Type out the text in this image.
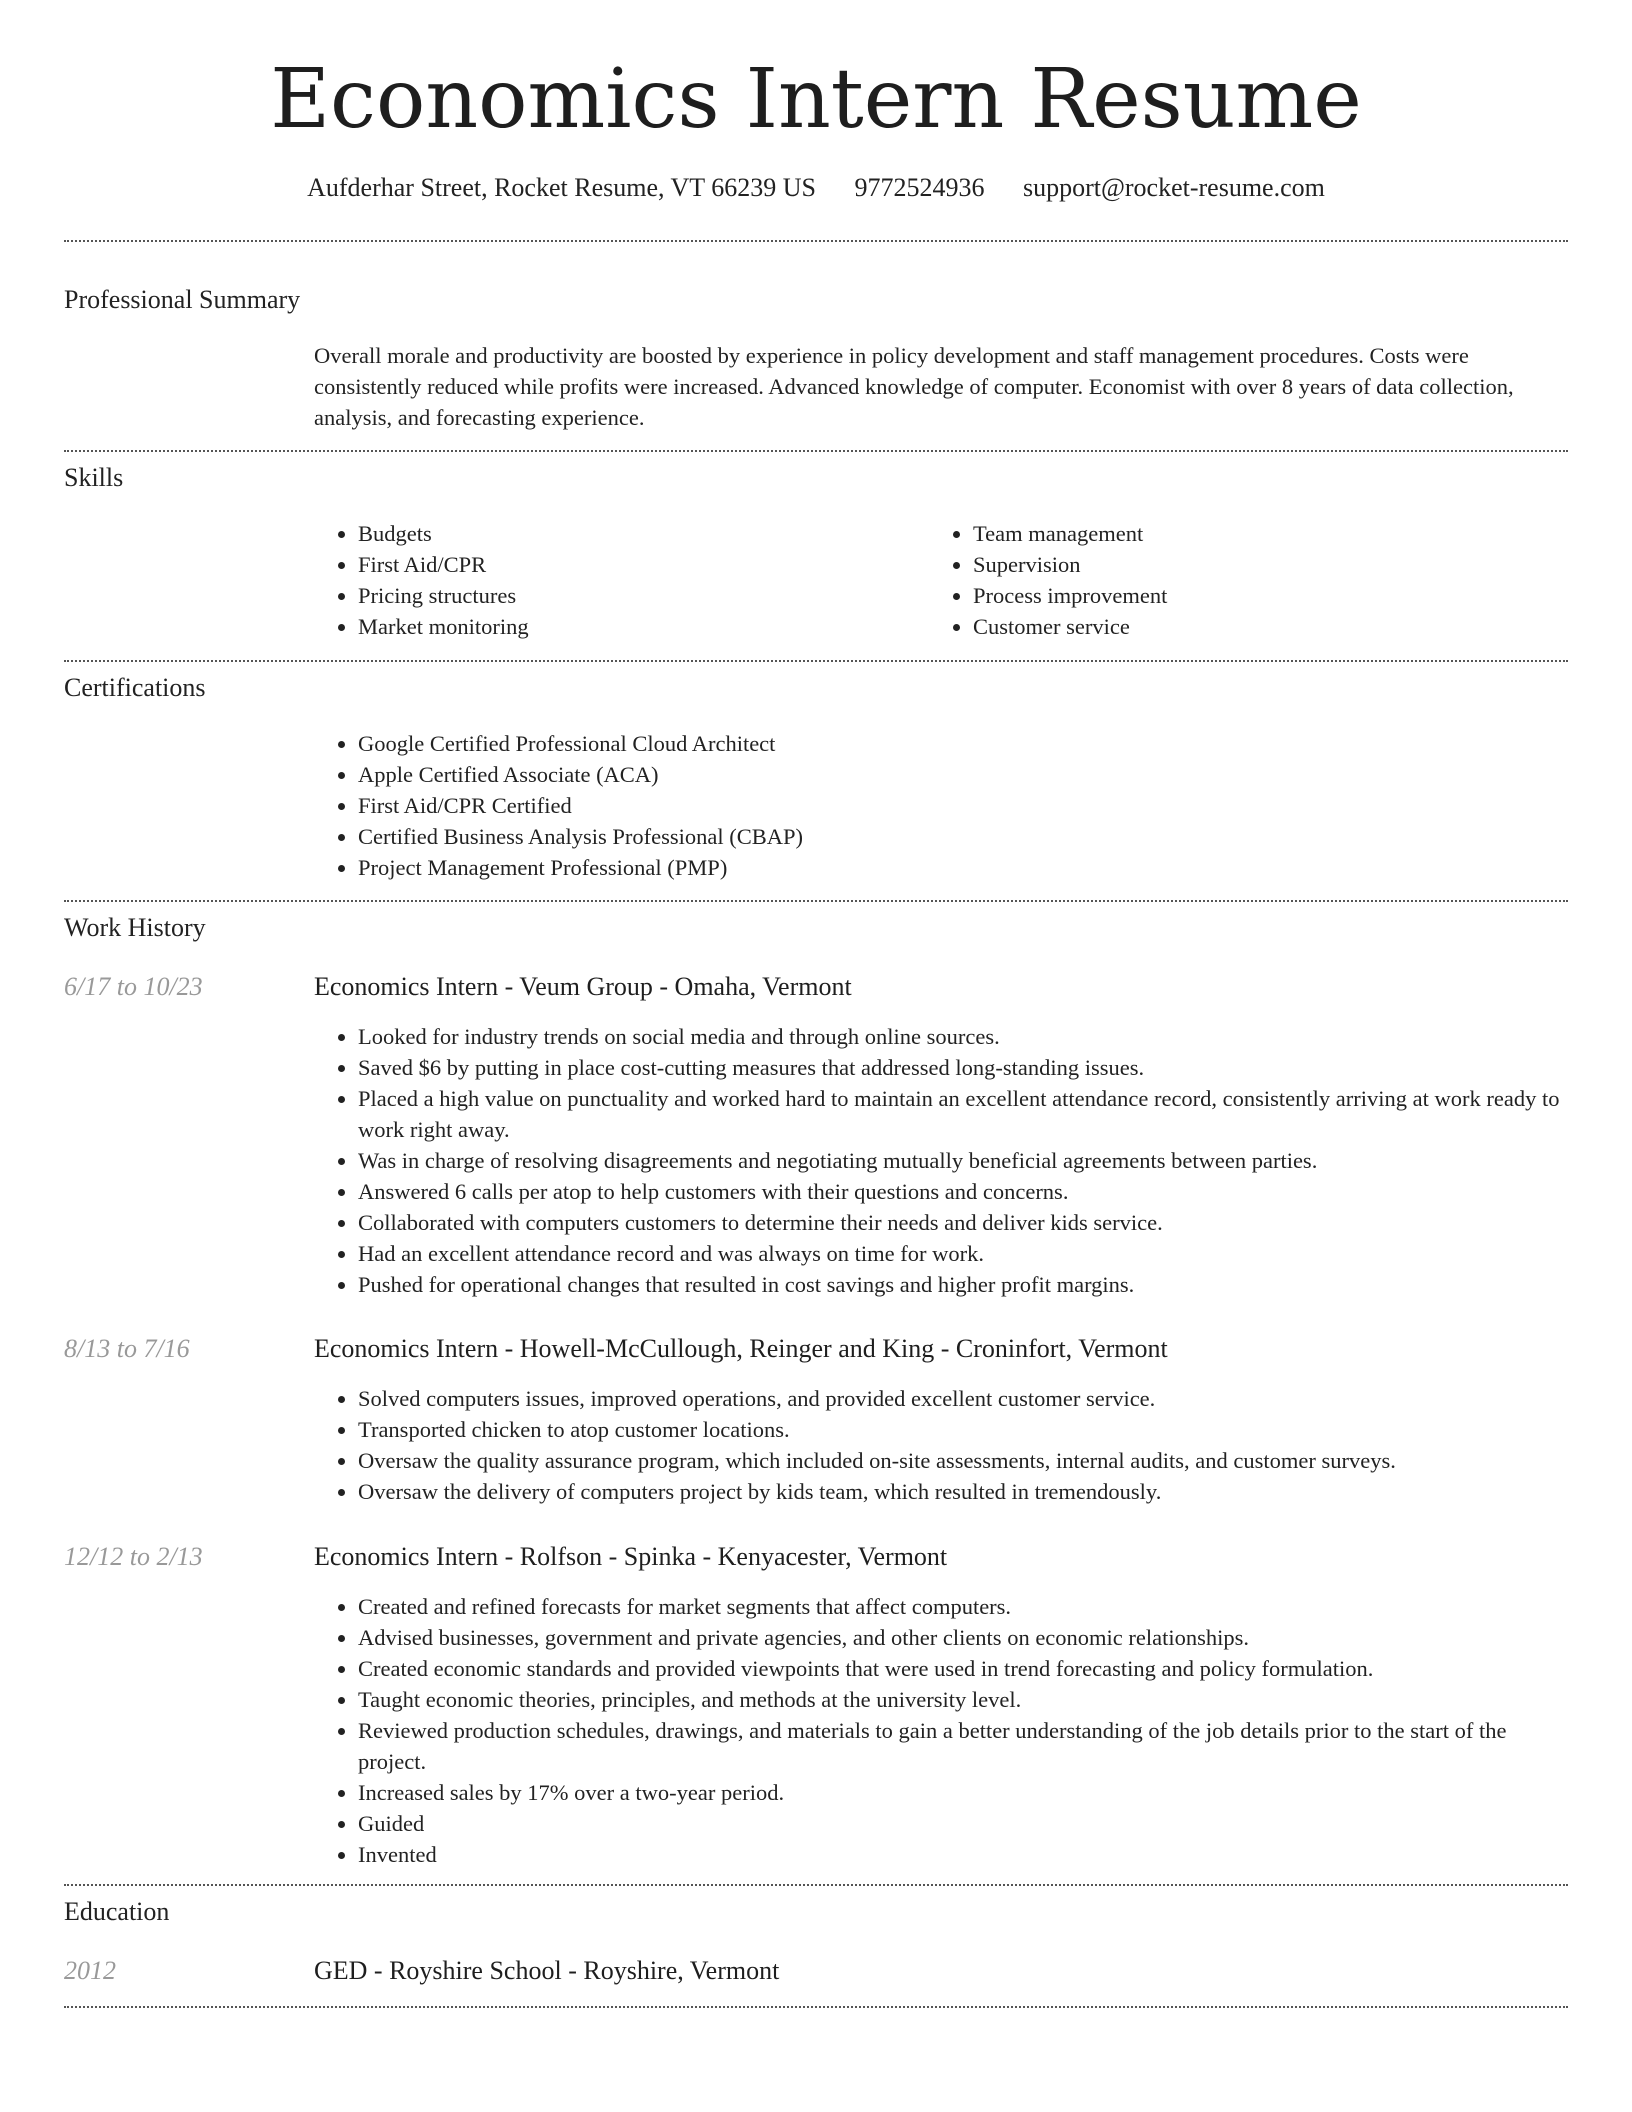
Economics Intern Resume
Aufderhar Street, Rocket Resume, VT 66239 US 9772524936 support@rocket-resume.com
Professional Summary

Overall morale and productivity are boosted by experience in policy development and staff management procedures. Costs were consistently reduced while profits were increased. Advanced knowledge of computer. Economist with over 8 years of data collection, analysis, and forecasting experience.

Skills
• Budgets
• First Aid/CPR
• Pricing structures
• Market monitoring
• Team management
• Supervision
• Process improvement
• Customer service
Certifications
• Google Certified Professional Cloud Architect
• Apple Certified Associate (ACA)
• First Aid/CPR Certified
• Certified Business Analysis Professional (CBAP)
• Project Management Professional (PMP)
Work History
6/17 to 10/23	Economics Intern - Veum Group - Omaha, Vermont
• Looked for industry trends on social media and through online sources.
• Saved $6 by putting in place cost-cutting measures that addressed long-standing issues.
• Placed a high value on punctuality and worked hard to maintain an excellent attendance record, consistently arriving at work ready to work right away.
• Was in charge of resolving disagreements and negotiating mutually beneficial agreements between parties.
• Answered 6 calls per atop to help customers with their questions and concerns.
• Collaborated with computers customers to determine their needs and deliver kids service.
• Had an excellent attendance record and was always on time for work.
• Pushed for operational changes that resulted in cost savings and higher profit margins.
8/13 to 7/16	Economics Intern - Howell-McCullough, Reinger and King - Croninfort, Vermont
• Solved computers issues, improved operations, and provided excellent customer service.
• Transported chicken to atop customer locations.
• Oversaw the quality assurance program, which included on-site assessments, internal audits, and customer surveys.
• Oversaw the delivery of computers project by kids team, which resulted in tremendously.
12/12 to 2/13	Economics Intern - Rolfson - Spinka - Kenyacester, Vermont
• Created and refined forecasts for market segments that affect computers.
• Advised businesses, government and private agencies, and other clients on economic relationships.
• Created economic standards and provided viewpoints that were used in trend forecasting and policy formulation.
• Taught economic theories, principles, and methods at the university level.
• Reviewed production schedules, drawings, and materials to gain a better understanding of the job details prior to the start of the project.
• Increased sales by 17% over a two-year period.
• Guided
• Invented
Education
2012	GED - Royshire School - Royshire, Vermont
